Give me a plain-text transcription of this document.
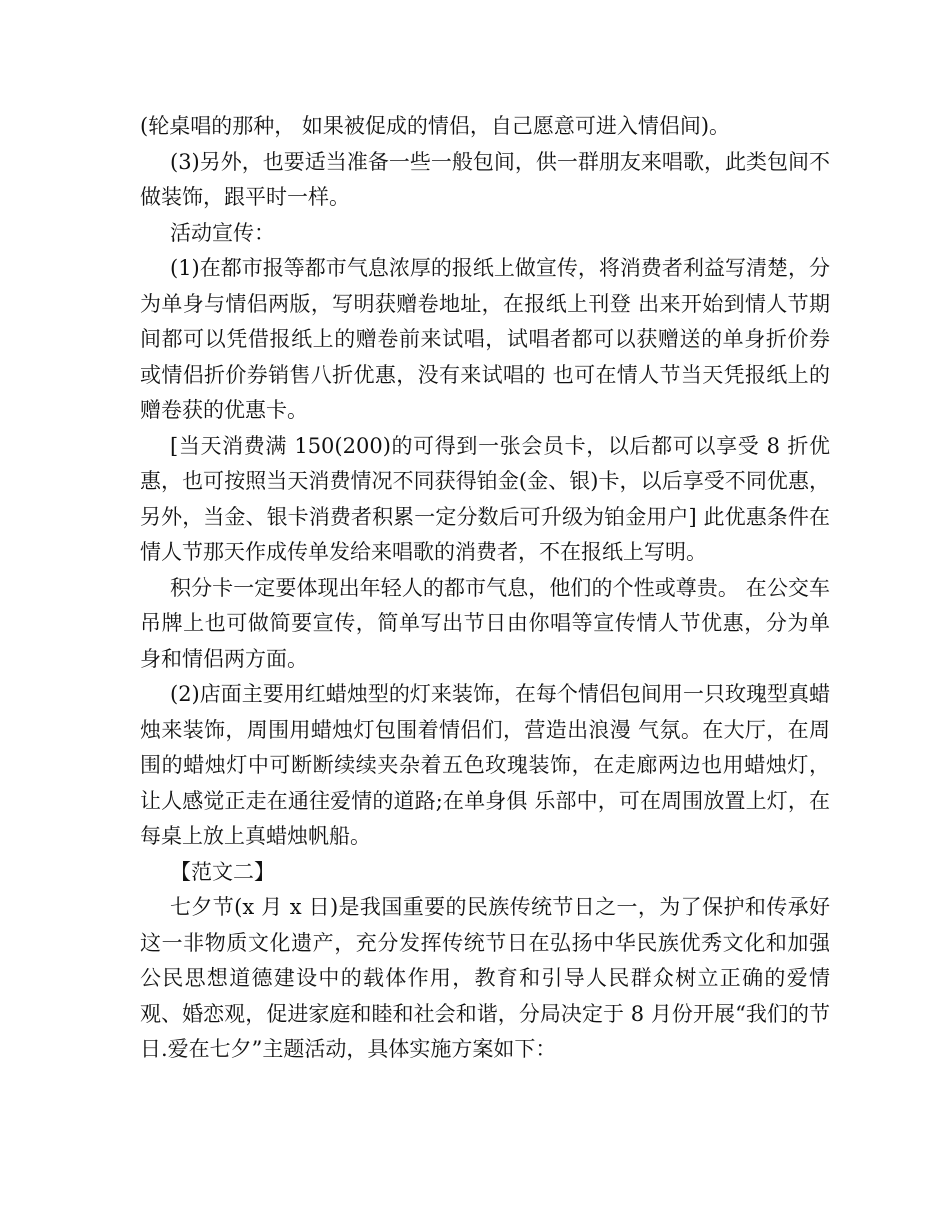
(轮桌唱的那种， 如果被促成的情侣，自己愿意可进入情侣间)。

(3)另外，也要适当准备一些一般包间，供一群朋友来唱歌，此类包间不做装饰，跟平时一样。

活动宣传：

(1)在都市报等都市气息浓厚的报纸上做宣传，将消费者利益写清楚，分为单身与情侣两版，写明获赠卷地址，在报纸上刊登 出来开始到情人节期间都可以凭借报纸上的赠卷前来试唱，试唱者都可以获赠送的单身折价券或情侣折价券销售八折优惠，没有来试唱的 也可在情人节当天凭报纸上的赠卷获的优惠卡。

[当天消费满 150(200)的可得到一张会员卡，以后都可以享受 8 折优惠，也可按照当天消费情况不同获得铂金(金、银)卡，以后享受不同优惠，另外，当金、银卡消费者积累一定分数后可升级为铂金用户] 此优惠条件在情人节那天作成传单发给来唱歌的消费者，不在报纸上写明。

积分卡一定要体现出年轻人的都市气息，他们的个性或尊贵。 在公交车吊牌上也可做简要宣传，简单写出节日由你唱等宣传情人节优惠，分为单身和情侣两方面。

(2)店面主要用红蜡烛型的灯来装饰，在每个情侣包间用一只玫瑰型真蜡烛来装饰，周围用蜡烛灯包围着情侣们，营造出浪漫 气氛。在大厅，在周围的蜡烛灯中可断断续续夹杂着五色玫瑰装饰，在走廊两边也用蜡烛灯，让人感觉正走在通往爱情的道路;在单身俱 乐部中，可在周围放置上灯，在每桌上放上真蜡烛帆船。

【范文二】

七夕节(x 月 x 日)是我国重要的民族传统节日之一，为了保护和传承好这一非物质文化遗产，充分发挥传统节日在弘扬中华民族优秀文化和加强公民思想道德建设中的载体作用，教育和引导人民群众树立正确的爱情观、婚恋观，促进家庭和睦和社会和谐，分局决定于 8 月份开展“我们的节日.爱在七夕”主题活动，具体实施方案如下：
